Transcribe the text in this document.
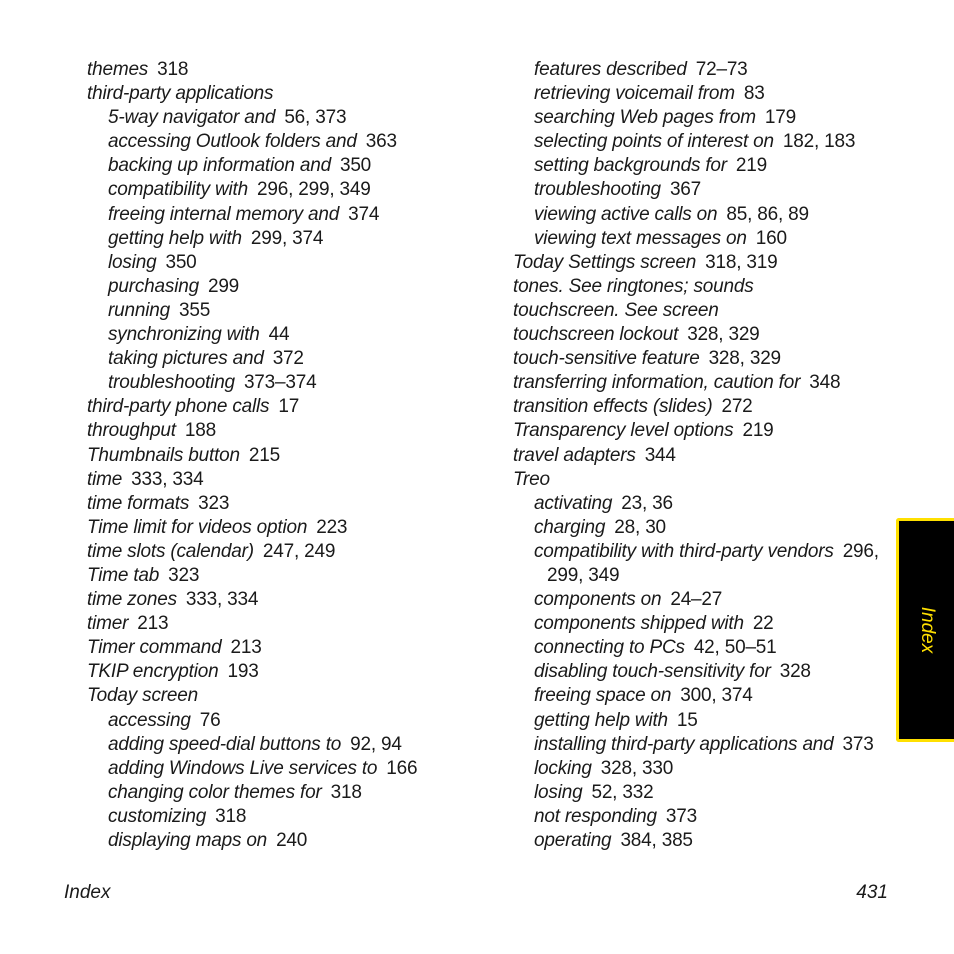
themes 318
third-party applications
5-way navigator and 56, 373
accessing Outlook folders and 363
backing up information and 350
compatibility with 296, 299, 349
freeing internal memory and 374
getting help with 299, 374
losing 350
purchasing 299
running 355
synchronizing with 44
taking pictures and 372
troubleshooting 373–374
third-party phone calls 17
throughput 188
Thumbnails button 215
time 333, 334
time formats 323
Time limit for videos option 223
time slots (calendar) 247, 249
Time tab 323
time zones 333, 334
timer 213
Timer command 213
TKIP encryption 193
Today screen
accessing 76
adding speed-dial buttons to 92, 94
adding Windows Live services to 166
changing color themes for 318
customizing 318
displaying maps on 240
features described 72–73
retrieving voicemail from 83
searching Web pages from 179
selecting points of interest on 182, 183
setting backgrounds for 219
troubleshooting 367
viewing active calls on 85, 86, 89
viewing text messages on 160
Today Settings screen 318, 319
tones. See ringtones; sounds
touchscreen. See screen
touchscreen lockout 328, 329
touch-sensitive feature 328, 329
transferring information, caution for 348
transition effects (slides) 272
Transparency level options 219
travel adapters 344
Treo
activating 23, 36
charging 28, 30
compatibility with third-party vendors 296,
299, 349
components on 24–27
components shipped with 22
connecting to PCs 42, 50–51
disabling touch-sensitivity for 328
freeing space on 300, 374
getting help with 15
installing third-party applications and 373
locking 328, 330
losing 52, 332
not responding 373
operating 384, 385
Index	431
Index
